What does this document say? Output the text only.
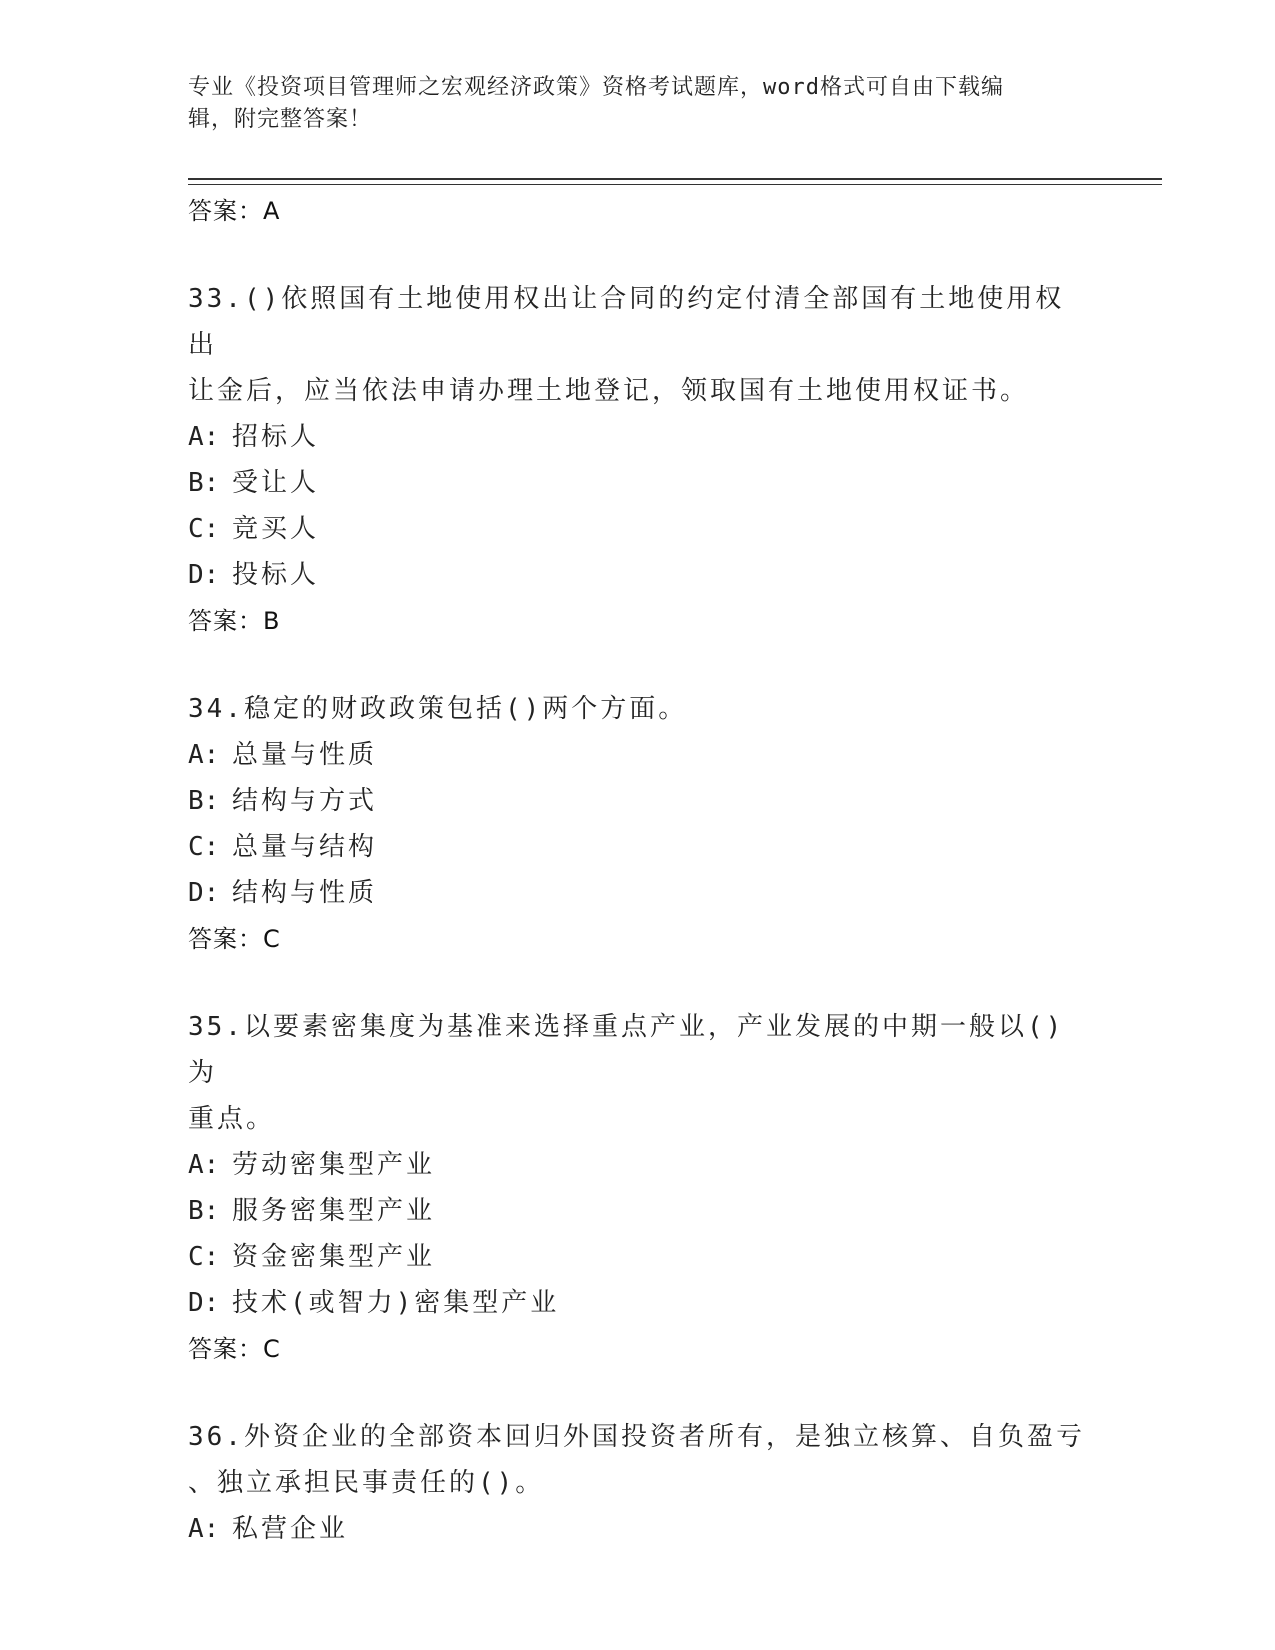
专业《投资项目管理师之宏观经济政策》资格考试题库，word格式可自由下载编
辑，附完整答案！
答案：A
33.()依照国有土地使用权出让合同的约定付清全部国有土地使用权出
让金后，应当依法申请办理土地登记，领取国有土地使用权证书。
A: 招标人
B: 受让人
C: 竞买人
D: 投标人
答案：B
34.稳定的财政政策包括()两个方面。
A: 总量与性质
B: 结构与方式
C: 总量与结构
D: 结构与性质
答案：C
35.以要素密集度为基准来选择重点产业，产业发展的中期一般以()为
重点。
A: 劳动密集型产业
B: 服务密集型产业
C: 资金密集型产业
D: 技术(或智力)密集型产业
答案：C
36.外资企业的全部资本回归外国投资者所有，是独立核算、自负盈亏
、独立承担民事责任的()。
A: 私营企业
